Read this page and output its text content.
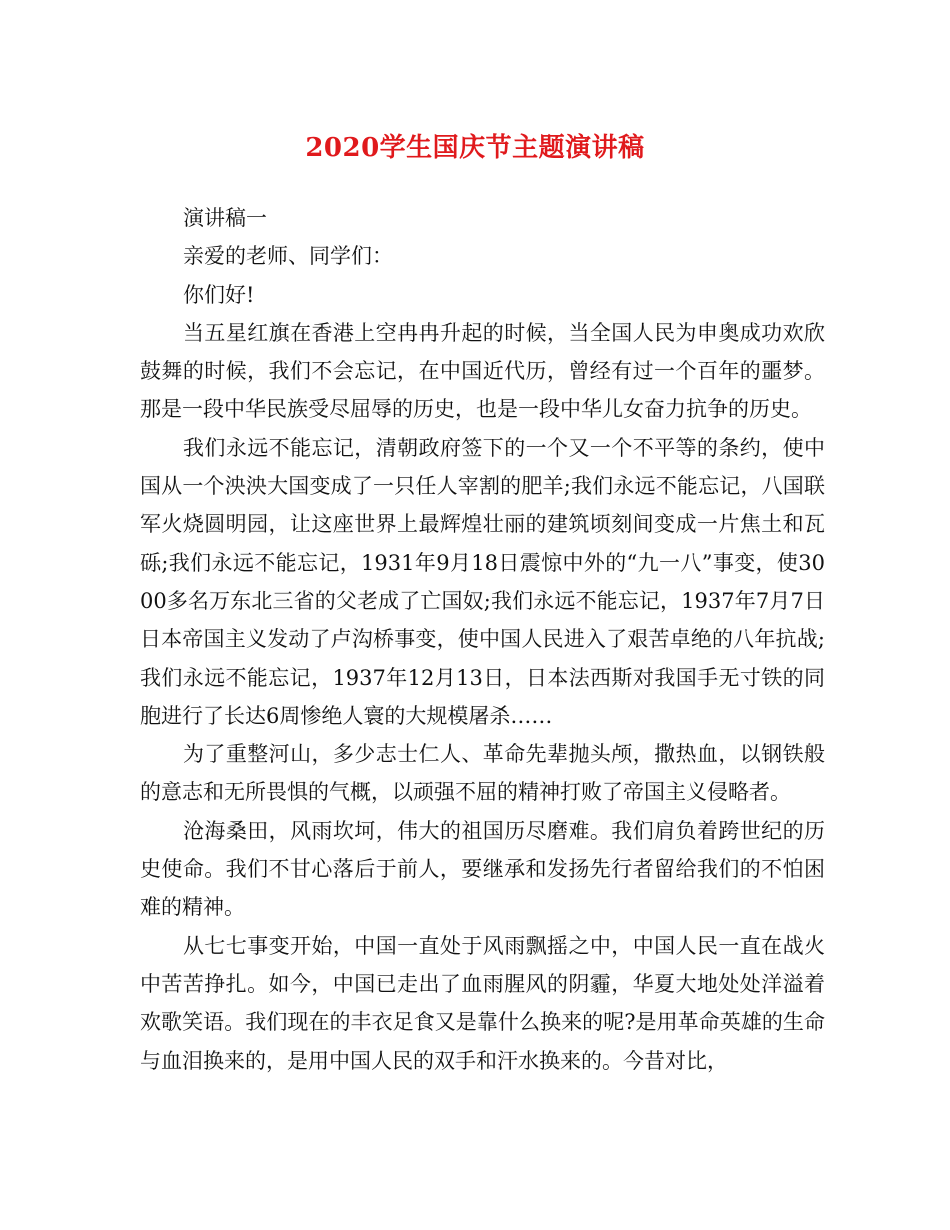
2020学生国庆节主题演讲稿

演讲稿一

亲爱的老师、同学们：

你们好!

当五星红旗在香港上空冉冉升起的时候，当全国人民为申奥成功欢欣鼓舞的时候，我们不会忘记，在中国近代历，曾经有过一个百年的噩梦。那是一段中华民族受尽屈辱的历史，也是一段中华儿女奋力抗争的历史。

我们永远不能忘记，清朝政府签下的一个又一个不平等的条约，使中国从一个泱泱大国变成了一只任人宰割的肥羊;我们永远不能忘记，八国联军火烧圆明园，让这座世界上最辉煌壮丽的建筑顷刻间变成一片焦土和瓦砾;我们永远不能忘记，1931年9月18日震惊中外的“九一八”事变，使3000多名万东北三省的父老成了亡国奴;我们永远不能忘记，1937年7月7日日本帝国主义发动了卢沟桥事变，使中国人民进入了艰苦卓绝的八年抗战;我们永远不能忘记，1937年12月13日，日本法西斯对我国手无寸铁的同胞进行了长达6周惨绝人寰的大规模屠杀……

为了重整河山，多少志士仁人、革命先辈抛头颅，撒热血，以钢铁般的意志和无所畏惧的气概，以顽强不屈的精神打败了帝国主义侵略者。

沧海桑田，风雨坎坷，伟大的祖国历尽磨难。我们肩负着跨世纪的历史使命。我们不甘心落后于前人，要继承和发扬先行者留给我们的不怕困难的精神。

从七七事变开始，中国一直处于风雨飘摇之中，中国人民一直在战火中苦苦挣扎。如今，中国已走出了血雨腥风的阴霾，华夏大地处处洋溢着欢歌笑语。我们现在的丰衣足食又是靠什么换来的呢?是用革命英雄的生命与血泪换来的，是用中国人民的双手和汗水换来的。今昔对比，
